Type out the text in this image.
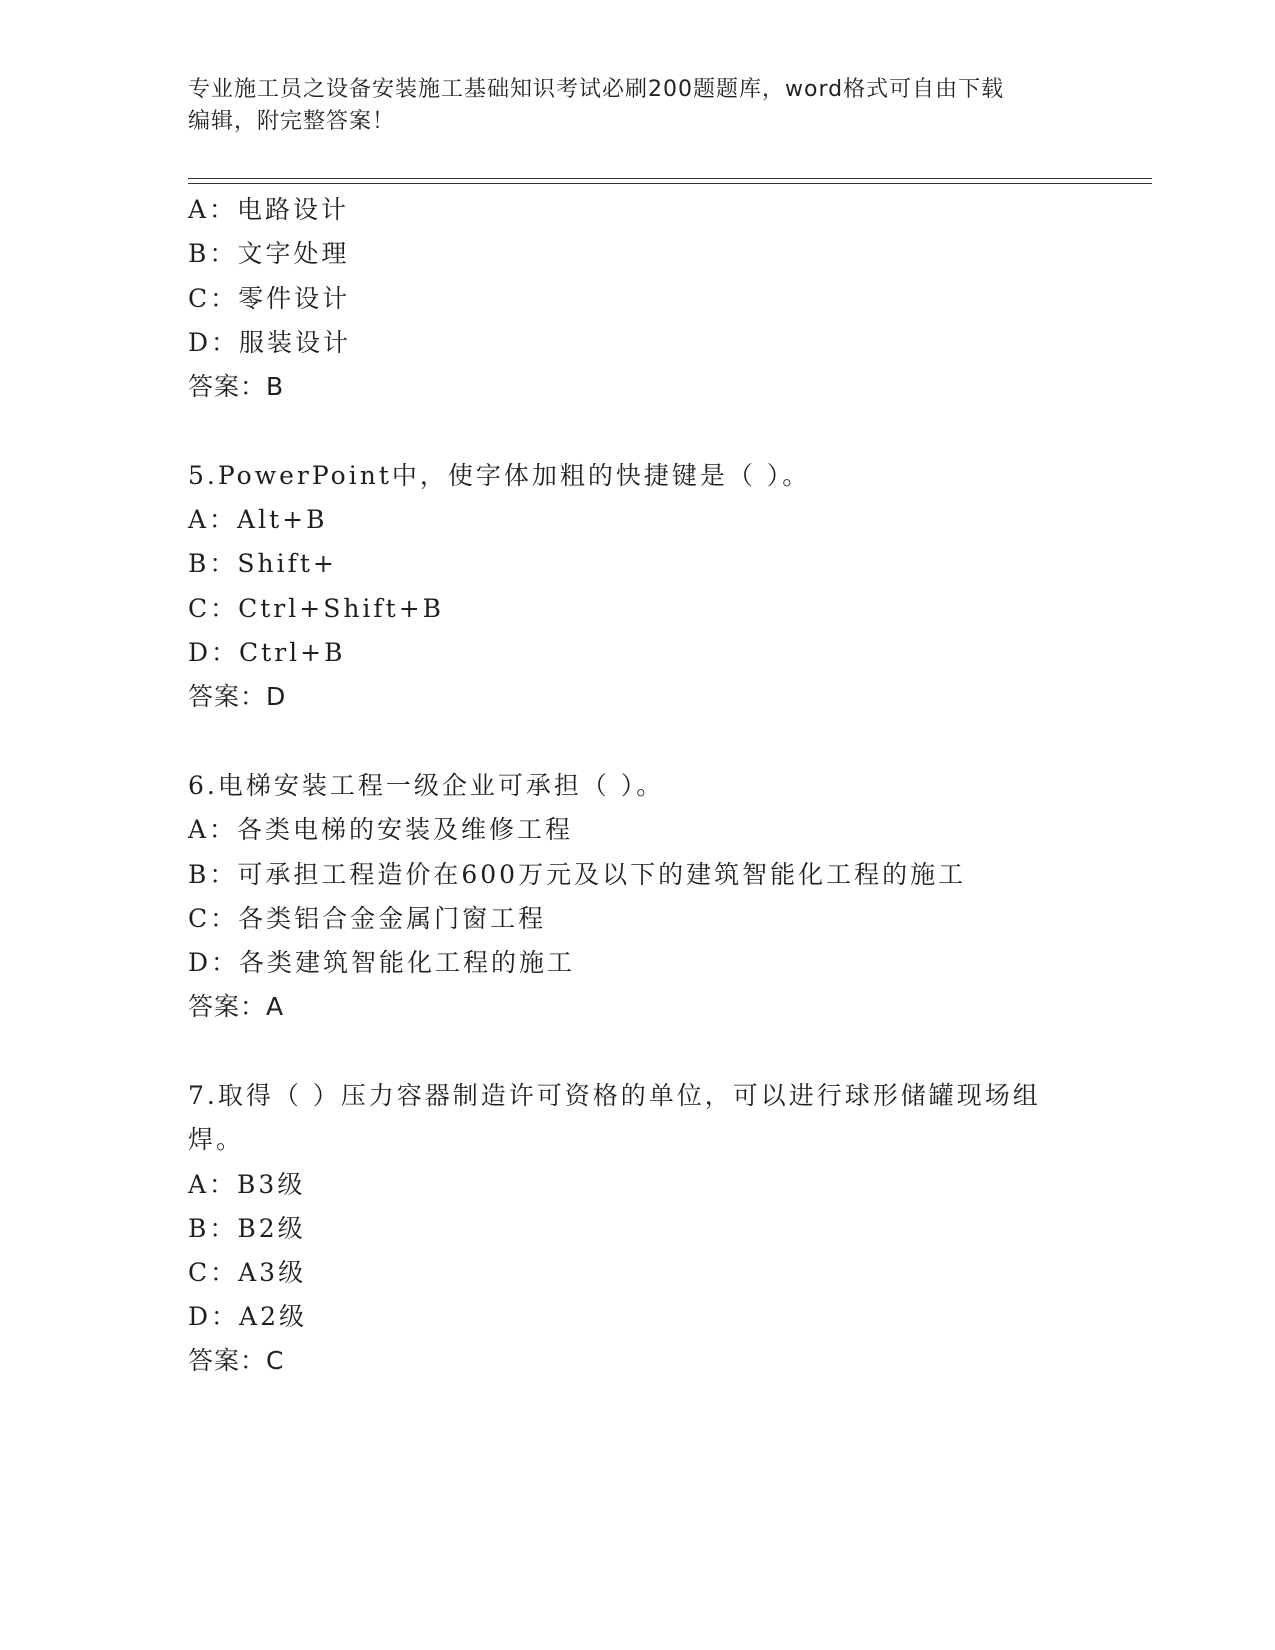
专业施工员之设备安装施工基础知识考试必刷200题题库，word格式可自由下载
编辑，附完整答案！
A：电路设计
B：文字处理
C：零件设计
D：服装设计
答案：B
5.PowerPoint中，使字体加粗的快捷键是（ ）。
A：Alt+B
B：Shift+
C：Ctrl+Shift+B
D：Ctrl+B
答案：D
6.电梯安装工程一级企业可承担（ ）。
A：各类电梯的安装及维修工程
B：可承担工程造价在600万元及以下的建筑智能化工程的施工
C：各类铝合金金属门窗工程
D：各类建筑智能化工程的施工
答案：A
7.取得（ ）压力容器制造许可资格的单位，可以进行球形储罐现场组
焊。
A：B3级
B：B2级
C：A3级
D：A2级
答案：C
